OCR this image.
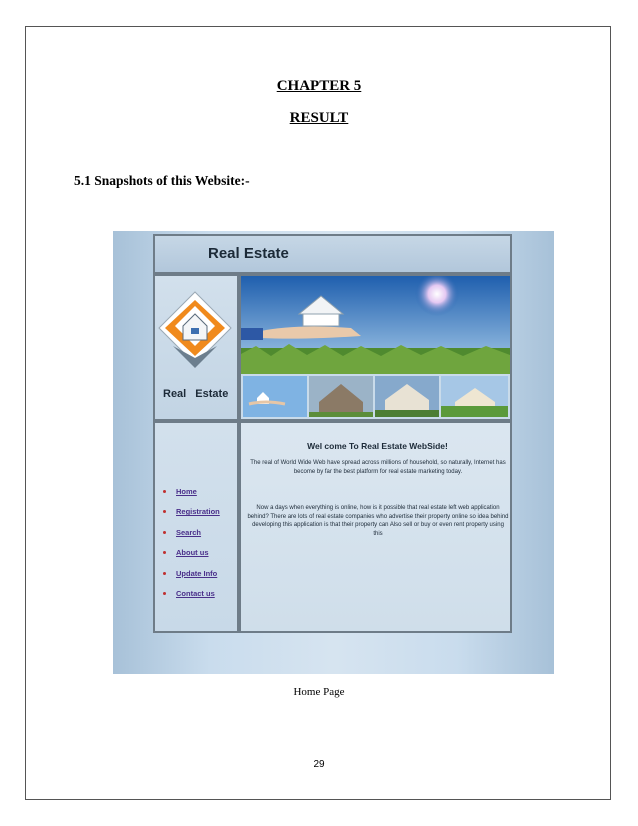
CHAPTER 5
RESULT
5.1 Snapshots of this Website:-
Real Estate
Real Estate
Home
Registration
Search
About us
Update Info
Contact us
Wel come To Real Estate WebSide!

The real of World Wide Web have spread across millions of household, so naturally, Internet has become by far the best platform for real estate marketing today.

Now a days when everything is online, how is it possible that real estate left web application behind? There are lots of real estate companies who advertise their property online so idea behind developing this application is that their property can Also sell or buy or even rent property using this

Home Page
29
